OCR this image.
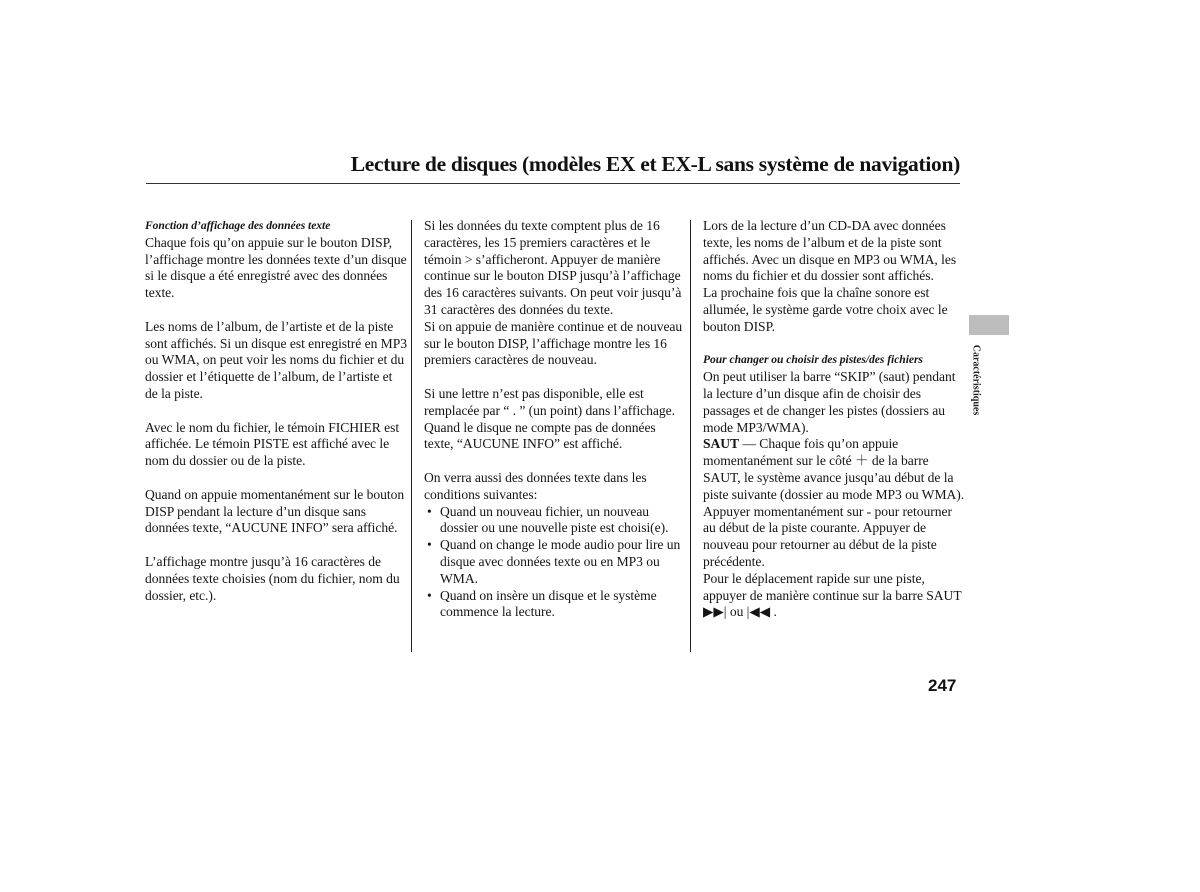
Lecture de disques (modèles EX et EX-L sans système de navigation)

Fonction d’affichage des données texte

Chaque fois qu’on appuie sur le bouton DISP, l’affichage montre les données texte d’un disque si le disque a été enregistré avec des données texte.

Les noms de l’album, de l’artiste et de la piste sont affichés. Si un disque est enregistré en MP3 ou WMA, on peut voir les noms du fichier et du dossier et l’étiquette de l’album, de l’artiste et de la piste.

Avec le nom du fichier, le témoin FICHIER est affichée. Le témoin PISTE est affiché avec le nom du dossier ou de la piste.

Quand on appuie momentanément sur le bouton DISP pendant la lecture d’un disque sans données texte, “AUCUNE INFO” sera affiché.

L’affichage montre jusqu’à 16 caractères de données texte choisies (nom du fichier, nom du dossier, etc.).

Si les données du texte comptent plus de 16 caractères, les 15 premiers caractères et le témoin > s’afficheront. Appuyer de manière continue sur le bouton DISP jusqu’à l’affichage des 16 caractères suivants. On peut voir jusqu’à 31 caractères des données du texte.

Si on appuie de manière continue et de nouveau sur le bouton DISP, l’affichage montre les 16 premiers caractères de nouveau.

Si une lettre n’est pas disponible, elle est remplacée par “ . ” (un point) dans l’affichage. Quand le disque ne compte pas de données texte, “AUCUNE INFO” est affiché.

On verra aussi des données texte dans les conditions suivantes:

• Quand un nouveau fichier, un nouveau dossier ou une nouvelle piste est choisi(e).

• Quand on change le mode audio pour lire un disque avec données texte ou en MP3 ou WMA.

• Quand on insère un disque et le système commence la lecture.

Lors de la lecture d’un CD-DA avec données texte, les noms de l’album et de la piste sont affichés. Avec un disque en MP3 ou WMA, les noms du fichier et du dossier sont affichés.

La prochaine fois que la chaîne sonore est allumée, le système garde votre choix avec le bouton DISP.

Pour changer ou choisir des pistes/des fichiers

On peut utiliser la barre “SKIP” (saut) pendant la lecture d’un disque afin de choisir des passages et de changer les pistes (dossiers au mode MP3/WMA).

SAUT — Chaque fois qu’on appuie momentanément sur le côté ＋ de la barre SAUT, le système avance jusqu’au début de la piste suivante (dossier au mode MP3 ou WMA). Appuyer momentanément sur - pour retourner au début de la piste courante. Appuyer de nouveau pour retourner au début de la piste précédente.

Pour le déplacement rapide sur une piste, appuyer de manière continue sur la barre SAUT ▶▶| ou |◀◀ .

Caractéristiques
247
